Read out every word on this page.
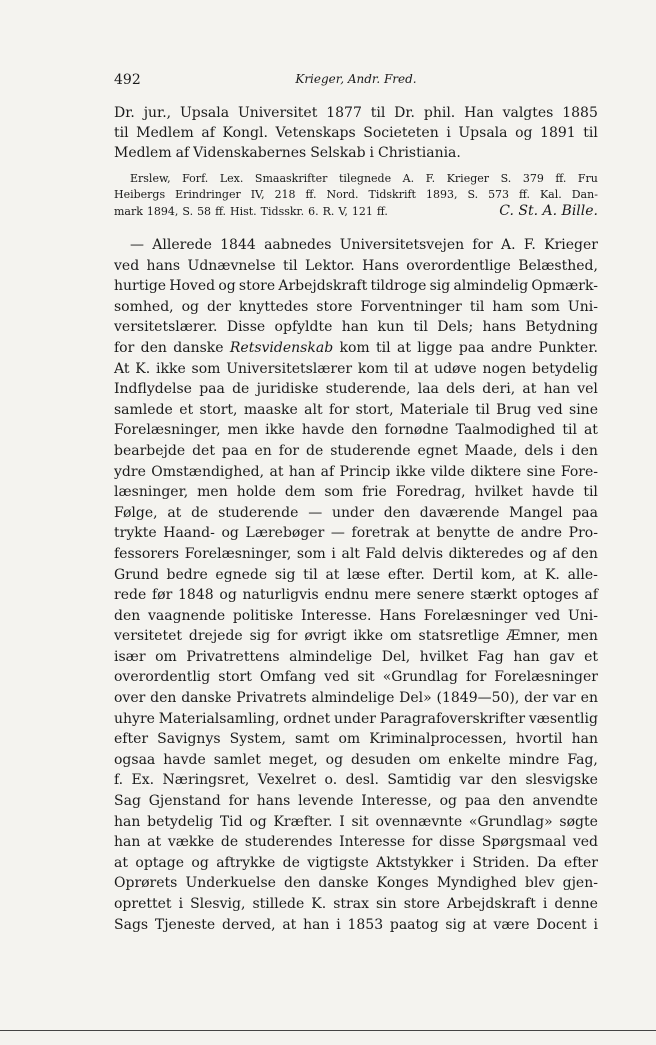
492	Krieger, Andr. Fred.
Dr. jur., Upsala Universitet 1877 til Dr. phil. Han valgtes 1885
til Medlem af Kongl. Vetenskaps Societeten i Upsala og 1891 til
Medlem af Videnskabernes Selskab i Christiania.
Erslew, Forf. Lex. Smaaskrifter tilegnede A. F. Krieger S. 379 ff. Fru
Heibergs Erindringer IV, 218 ff. Nord. Tidskrift 1893, S. 573 ff. Kal. Dan-
mark 1894, S. 58 ff. Hist. Tidsskr. 6. R. V, 121 ff.	C. St. A. Bille.
— Allerede 1844 aabnedes Universitetsvejen for A. F. Krieger
ved hans Udnævnelse til Lektor. Hans overordentlige Belæsthed,
hurtige Hoved og store Arbejdskraft tildroge sig almindelig Opmærk-
somhed, og der knyttedes store Forventninger til ham som Uni-
versitetslærer. Disse opfyldte han kun til Dels; hans Betydning
for den danske Retsvidenskab kom til at ligge paa andre Punkter.
At K. ikke som Universitetslærer kom til at udøve nogen betydelig
Indflydelse paa de juridiske studerende, laa dels deri, at han vel
samlede et stort, maaske alt for stort, Materiale til Brug ved sine
Forelæsninger, men ikke havde den fornødne Taalmodighed til at
bearbejde det paa en for de studerende egnet Maade, dels i den
ydre Omstændighed, at han af Princip ikke vilde diktere sine Fore-
læsninger, men holde dem som frie Foredrag, hvilket havde til
Følge, at de studerende — under den daværende Mangel paa
trykte Haand- og Lærebøger — foretrak at benytte de andre Pro-
fessorers Forelæsninger, som i alt Fald delvis dikteredes og af den
Grund bedre egnede sig til at læse efter. Dertil kom, at K. alle-
rede før 1848 og naturligvis endnu mere senere stærkt optoges af
den vaagnende politiske Interesse. Hans Forelæsninger ved Uni-
versitetet drejede sig for øvrigt ikke om statsretlige Æmner, men
især om Privatrettens almindelige Del, hvilket Fag han gav et
overordentlig stort Omfang ved sit «Grundlag for Forelæsninger
over den danske Privatrets almindelige Del» (1849—50), der var en
uhyre Materialsamling, ordnet under Paragrafoverskrifter væsentlig
efter Savignys System, samt om Kriminalprocessen, hvortil han
ogsaa havde samlet meget, og desuden om enkelte mindre Fag,
f. Ex. Næringsret, Vexelret o. desl. Samtidig var den slesvigske
Sag Gjenstand for hans levende Interesse, og paa den anvendte
han betydelig Tid og Kræfter. I sit ovennævnte «Grundlag» søgte
han at vække de studerendes Interesse for disse Spørgsmaal ved
at optage og aftrykke de vigtigste Aktstykker i Striden. Da efter
Oprørets Underkuelse den danske Konges Myndighed blev gjen-
oprettet i Slesvig, stillede K. strax sin store Arbejdskraft i denne
Sags Tjeneste derved, at han i 1853 paatog sig at være Docent i
